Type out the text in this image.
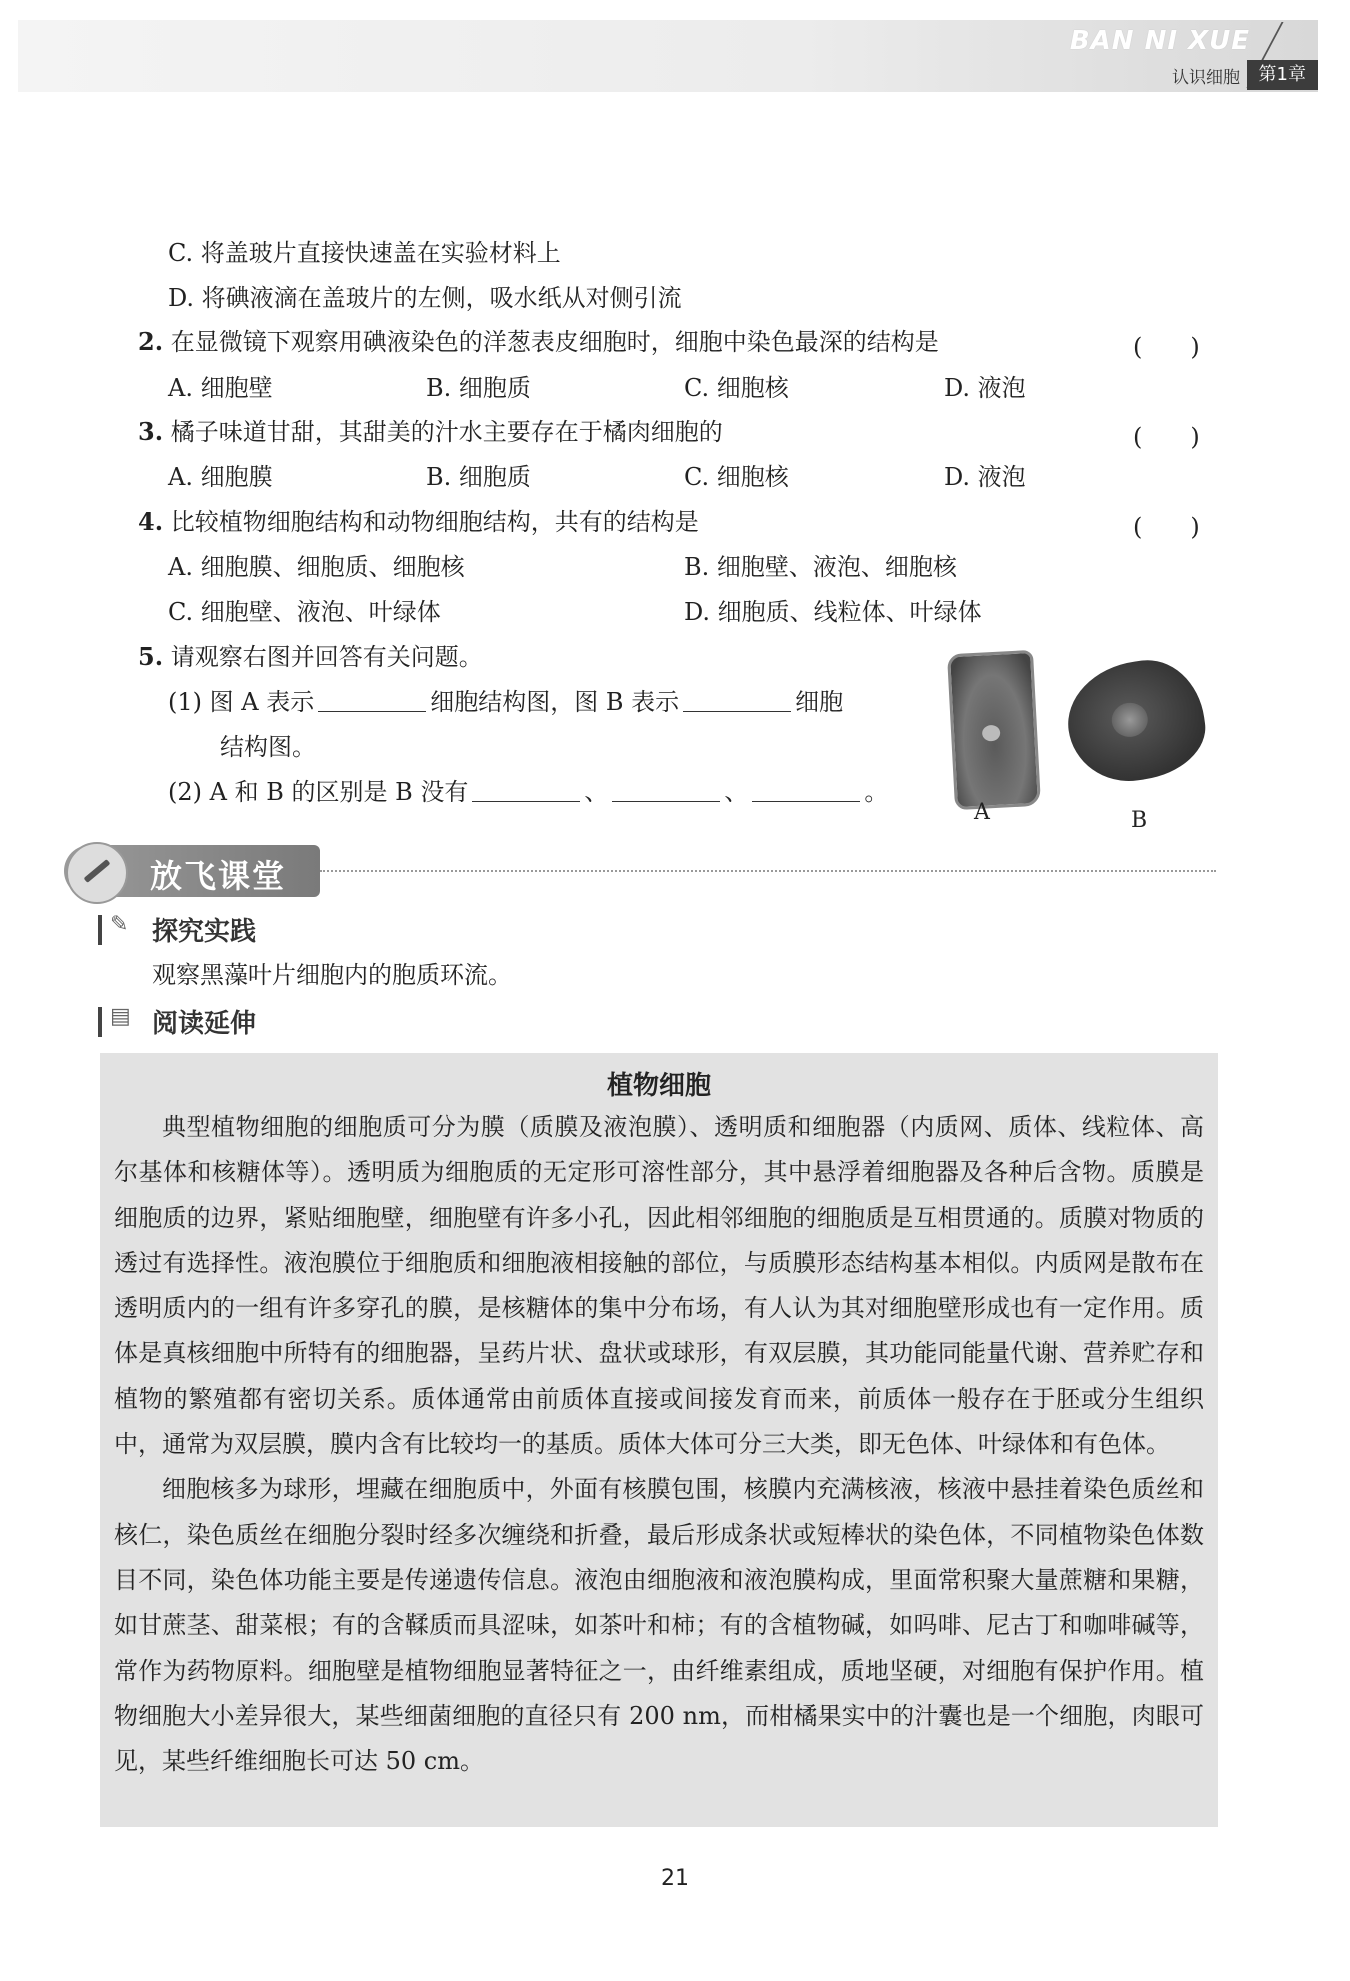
BAN NI XUE
认识细胞	第1章
C. 将盖玻片直接快速盖在实验材料上
D. 将碘液滴在盖玻片的左侧，吸水纸从对侧引流
2. 在显微镜下观察用碘液染色的洋葱表皮细胞时，细胞中染色最深的结构是	(　　)
A. 细胞壁	B. 细胞质	C. 细胞核	D. 液泡
3. 橘子味道甘甜，其甜美的汁水主要存在于橘肉细胞的	(　　)
A. 细胞膜	B. 细胞质	C. 细胞核	D. 液泡
4. 比较植物细胞结构和动物细胞结构，共有的结构是	(　　)
A. 细胞膜、细胞质、细胞核	B. 细胞壁、液泡、细胞核
C. 细胞壁、液泡、叶绿体	D. 细胞质、线粒体、叶绿体
5. 请观察右图并回答有关问题。
(1) 图 A 表示	细胞结构图，图 B 表示	细胞
结构图。
(2) A 和 B 的区别是 B 没有	、	、	。
A	B
放飞课堂
✎ 探究实践
观察黑藻叶片细胞内的胞质环流。
▤ 阅读延伸
植物细胞

典型植物细胞的细胞质可分为膜（质膜及液泡膜）、透明质和细胞器（内质网、质体、线粒体、高尔基体和核糖体等）。透明质为细胞质的无定形可溶性部分，其中悬浮着细胞器及各种后含物。质膜是细胞质的边界，紧贴细胞壁，细胞壁有许多小孔，因此相邻细胞的细胞质是互相贯通的。质膜对物质的透过有选择性。液泡膜位于细胞质和细胞液相接触的部位，与质膜形态结构基本相似。内质网是散布在透明质内的一组有许多穿孔的膜，是核糖体的集中分布场，有人认为其对细胞壁形成也有一定作用。质体是真核细胞中所特有的细胞器，呈药片状、盘状或球形，有双层膜，其功能同能量代谢、营养贮存和植物的繁殖都有密切关系。质体通常由前质体直接或间接发育而来，前质体一般存在于胚或分生组织中，通常为双层膜，膜内含有比较均一的基质。质体大体可分三大类，即无色体、叶绿体和有色体。

细胞核多为球形，埋藏在细胞质中，外面有核膜包围，核膜内充满核液，核液中悬挂着染色质丝和核仁，染色质丝在细胞分裂时经多次缠绕和折叠，最后形成条状或短棒状的染色体，不同植物染色体数目不同，染色体功能主要是传递遗传信息。液泡由细胞液和液泡膜构成，里面常积聚大量蔗糖和果糖，如甘蔗茎、甜菜根；有的含鞣质而具涩味，如茶叶和柿；有的含植物碱，如吗啡、尼古丁和咖啡碱等，常作为药物原料。细胞壁是植物细胞显著特征之一，由纤维素组成，质地坚硬，对细胞有保护作用。植物细胞大小差异很大，某些细菌细胞的直径只有 200 nm，而柑橘果实中的汁囊也是一个细胞，肉眼可见，某些纤维细胞长可达 50 cm。

21
